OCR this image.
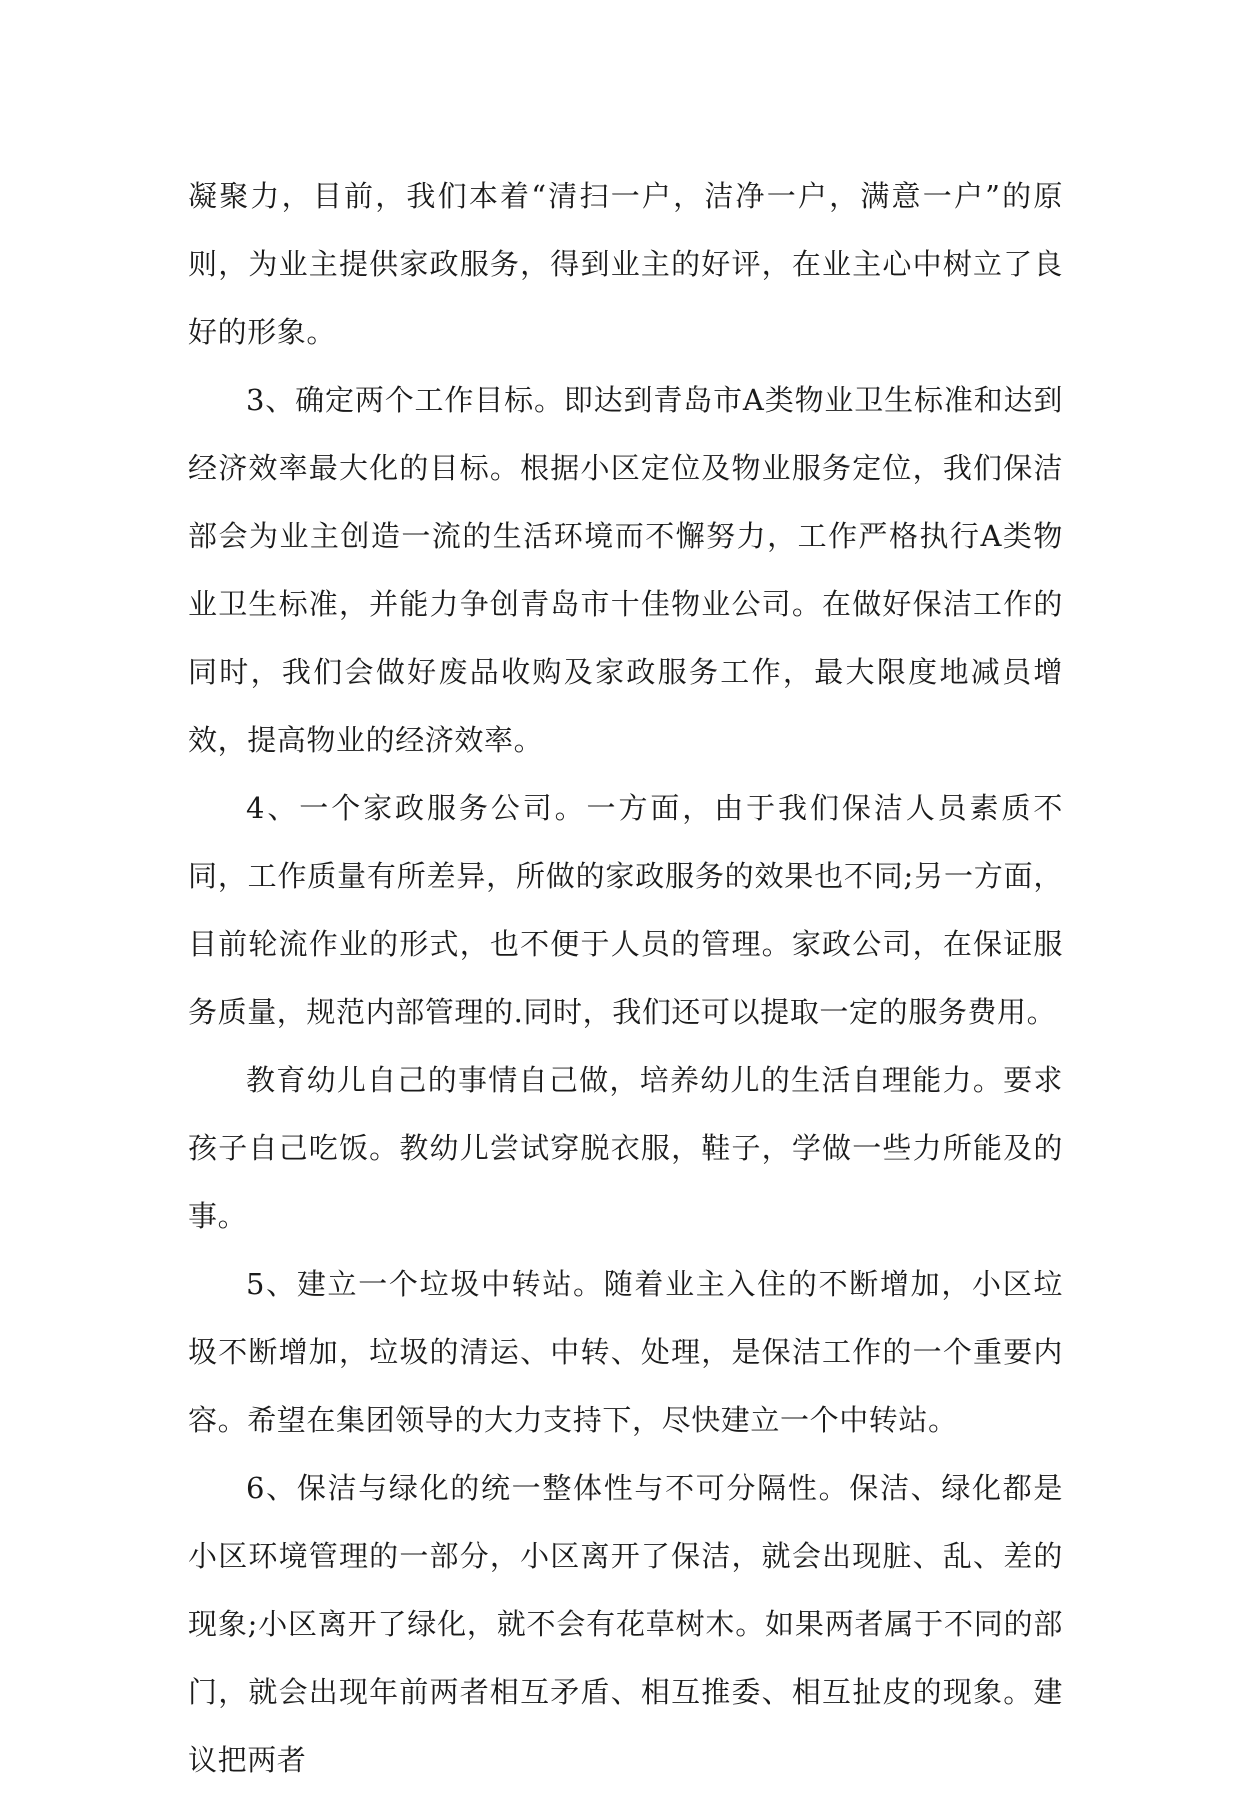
凝聚力，目前，我们本着“清扫一户，洁净一户，满意一户”的原则，为业主提供家政服务，得到业主的好评，在业主心中树立了良好的形象。

3、确定两个工作目标。即达到青岛市A类物业卫生标准和达到经济效率最大化的目标。根据小区定位及物业服务定位，我们保洁部会为业主创造一流的生活环境而不懈努力，工作严格执行A类物业卫生标准，并能力争创青岛市十佳物业公司。在做好保洁工作的同时，我们会做好废品收购及家政服务工作，最大限度地减员增效，提高物业的经济效率。

4、一个家政服务公司。一方面，由于我们保洁人员素质不同，工作质量有所差异，所做的家政服务的效果也不同;另一方面，目前轮流作业的形式，也不便于人员的管理。家政公司，在保证服务质量，规范内部管理的.同时，我们还可以提取一定的服务费用。

教育幼儿自己的事情自己做，培养幼儿的生活自理能力。要求孩子自己吃饭。教幼儿尝试穿脱衣服，鞋子，学做一些力所能及的事。

5、建立一个垃圾中转站。随着业主入住的不断增加，小区垃圾不断增加，垃圾的清运、中转、处理，是保洁工作的一个重要内容。希望在集团领导的大力支持下，尽快建立一个中转站。

6、保洁与绿化的统一整体性与不可分隔性。保洁、绿化都是小区环境管理的一部分，小区离开了保洁，就会出现脏、乱、差的现象;小区离开了绿化，就不会有花草树木。如果两者属于不同的部门，就会出现年前两者相互矛盾、相互推委、相互扯皮的现象。建议把两者
